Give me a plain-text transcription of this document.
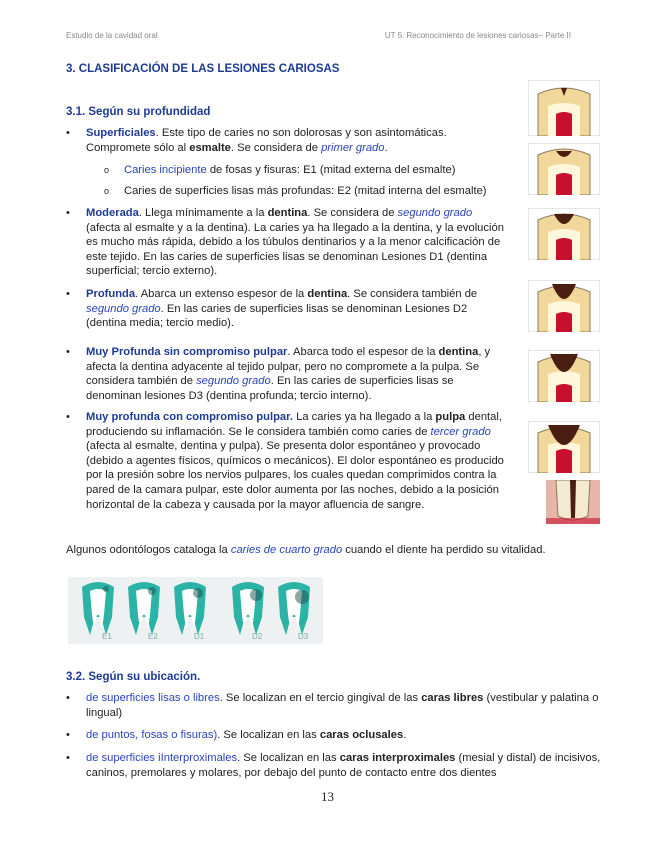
Estudio de la cavidad oral	UT 5. Reconocimiento de lesiones cariosas– Parte II
3. CLASIFICACIÓN DE LAS LESIONES CARIOSAS
3.1. Según su profundidad
• Superficiales. Este tipo de caries no son dolorosas y son asintomáticas.
Compromete sólo al esmalte. Se considera de primer grado.
o Caries incipiente de fosas y fisuras: E1 (mitad externa del esmalte)
o Caries de superficies lisas más profundas: E2 (mitad interna del esmalte)
• Moderada. Llega mínimamente a la dentina. Se considera de segundo grado (afecta al esmalte y a la dentina). La caries ya ha llegado a la dentina, y la evolución es mucho más rápida, debido a los túbulos dentinarios y a la menor calcificación de este tejido. En las caries de superficies lisas se denominan Lesiones D1 (dentina superficial; tercio externo).
• Profunda. Abarca un extenso espesor de la dentina. Se considera también de segundo grado. En las caries de superficies lisas se denominan Lesiones D2 (dentina media; tercio medio).
• Muy Profunda sin compromiso pulpar. Abarca todo el espesor de la dentina, y afecta la dentina adyacente al tejido pulpar, pero no compromete a la pulpa. Se considera también de segundo grado. En las caries de superficies lisas se denominan lesiones D3 (dentina profunda; tercio interno).
• Muy profunda con compromiso pulpar. La caries ya ha llegado a la pulpa dental, produciendo su inflamación. Se le considera también como caries de tercer grado (afecta al esmalte, dentina y pulpa). Se presenta dolor espontáneo y provocado (debido a agentes físicos, químicos o mecánicos). El dolor espontáneo es producido por la presión sobre los nervios pulpares, los cuales quedan comprimidos contra la pared de la camara pulpar, este dolor aumenta por las noches, debido a la posición horizontal de la cabeza y causada por la mayor afluencia de sangre.
Algunos odontólogos cataloga la caries de cuarto grado cuando el diente ha perdido su vitalidad.
E1	E2	D1	D2	D3
3.2. Según su ubicación.
• de superficies lisas o libres. Se localizan en el tercio gingival de las caras libres (vestibular y palatina o lingual)
• de puntos, fosas o fisuras). Se localizan en las caras oclusales.
• de superficies iInterproximales. Se localizan en las caras interproximales (mesial y distal) de incisivos, caninos, premolares y molares, por debajo del punto de contacto entre dos dientes
13
